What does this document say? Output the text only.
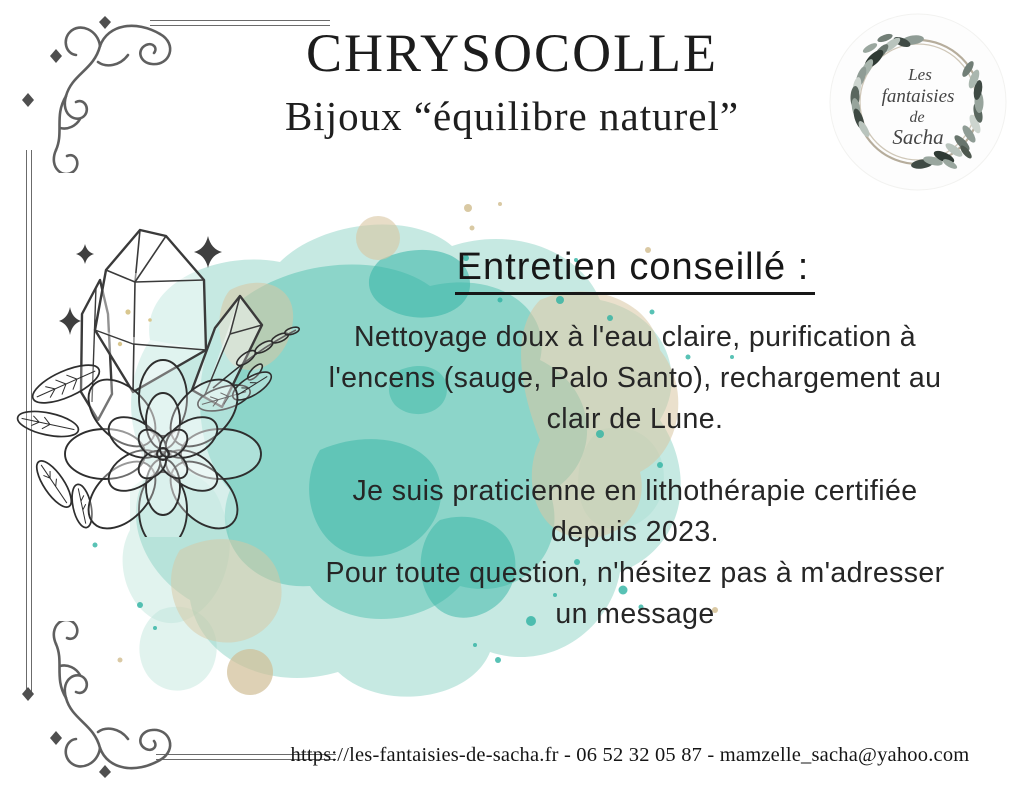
CHRYSOCOLLE
Bijoux “équilibre naturel”
Les
fantaisies
de
Sacha
Entretien conseillé :
Nettoyage doux à l'eau claire, purification à
l'encens (sauge, Palo Santo), rechargement au
clair de Lune.
Je suis praticienne en lithothérapie certifiée
depuis 2023.
Pour toute question, n'hésitez pas à m'adresser
un message
https://les-fantaisies-de-sacha.fr - 06 52 32 05 87 - mamzelle_sacha@yahoo.com
